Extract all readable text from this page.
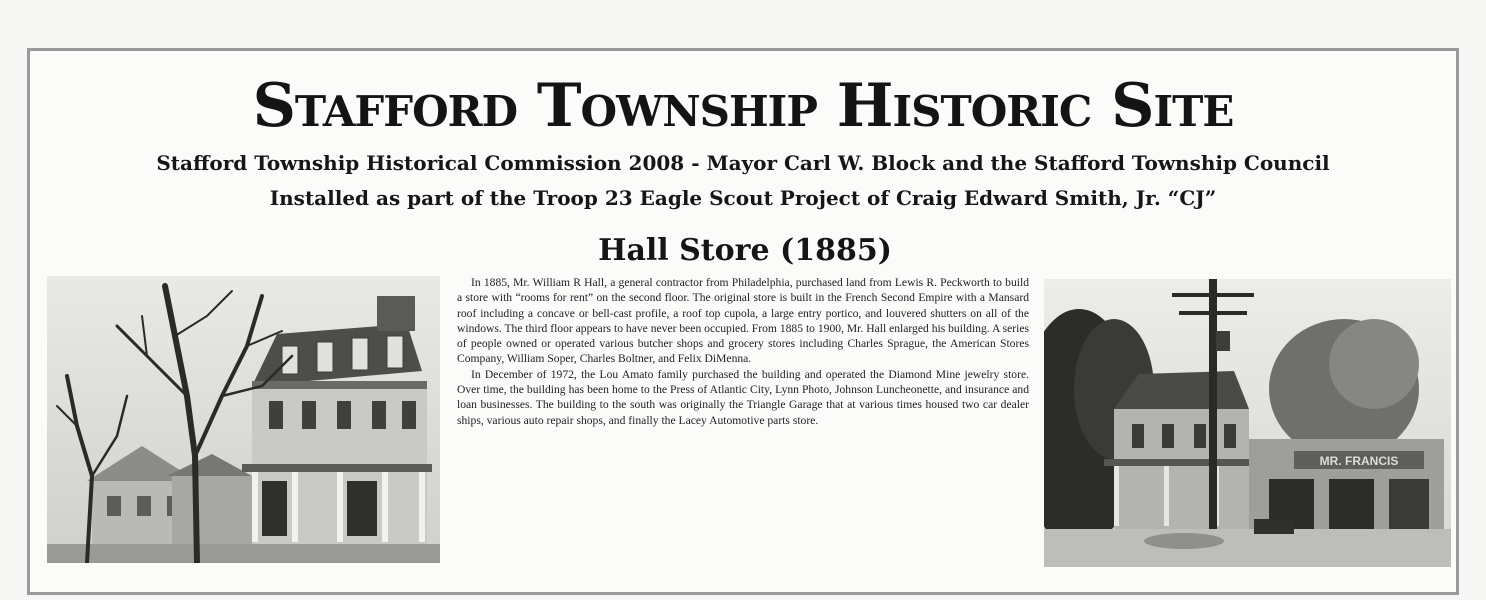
Stafford Township Historic Site
Stafford Township Historical Commission 2008 - Mayor Carl W. Block and the Stafford Township Council
Installed as part of the Troop 23 Eagle Scout Project of Craig Edward Smith, Jr. “CJ”
Hall Store (1885)

In 1885, Mr. William R Hall, a general contractor from Philadelphia, purchased land from Lewis R. Peckworth to build a store with “rooms for rent” on the second floor. The original store is built in the French Second Empire with a Mansard roof including a concave or bell-cast profile, a roof top cupola, a large entry portico, and louvered shutters on all of the windows. The third floor appears to have never been occupied. From 1885 to 1900, Mr. Hall enlarged his building. A series of people owned or operated various butcher shops and grocery stores including Charles Sprague, the American Stores Company, William Soper, Charles Boltner, and Felix DiMenna.

In December of 1972, the Lou Amato family purchased the building and operated the Diamond Mine jewelry store. Over time, the building has been home to the Press of Atlantic City, Lynn Photo, Johnson Luncheonette, and insurance and loan businesses. The building to the south was originally the Triangle Garage that at various times housed two car dealer ships, various auto repair shops, and finally the Lacey Automotive parts store.

MR. FRANCIS
